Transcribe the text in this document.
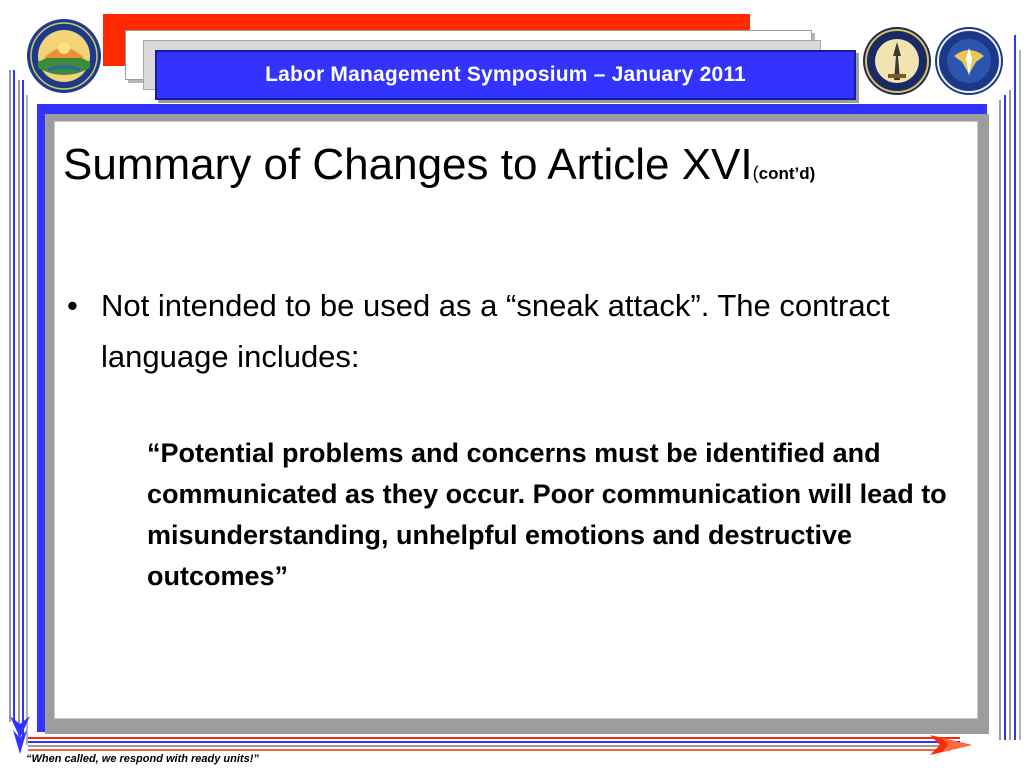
Labor Management Symposium – January 2011
Summary of Changes to Article XVI(cont’d)
• Not intended to be used as a “sneak attack”. The contract language includes:
“Potential problems and concerns must be identified and communicated as they occur. Poor communication will lead to misunderstanding, unhelpful emotions and destructive outcomes”
“When called, we respond with ready units!”
